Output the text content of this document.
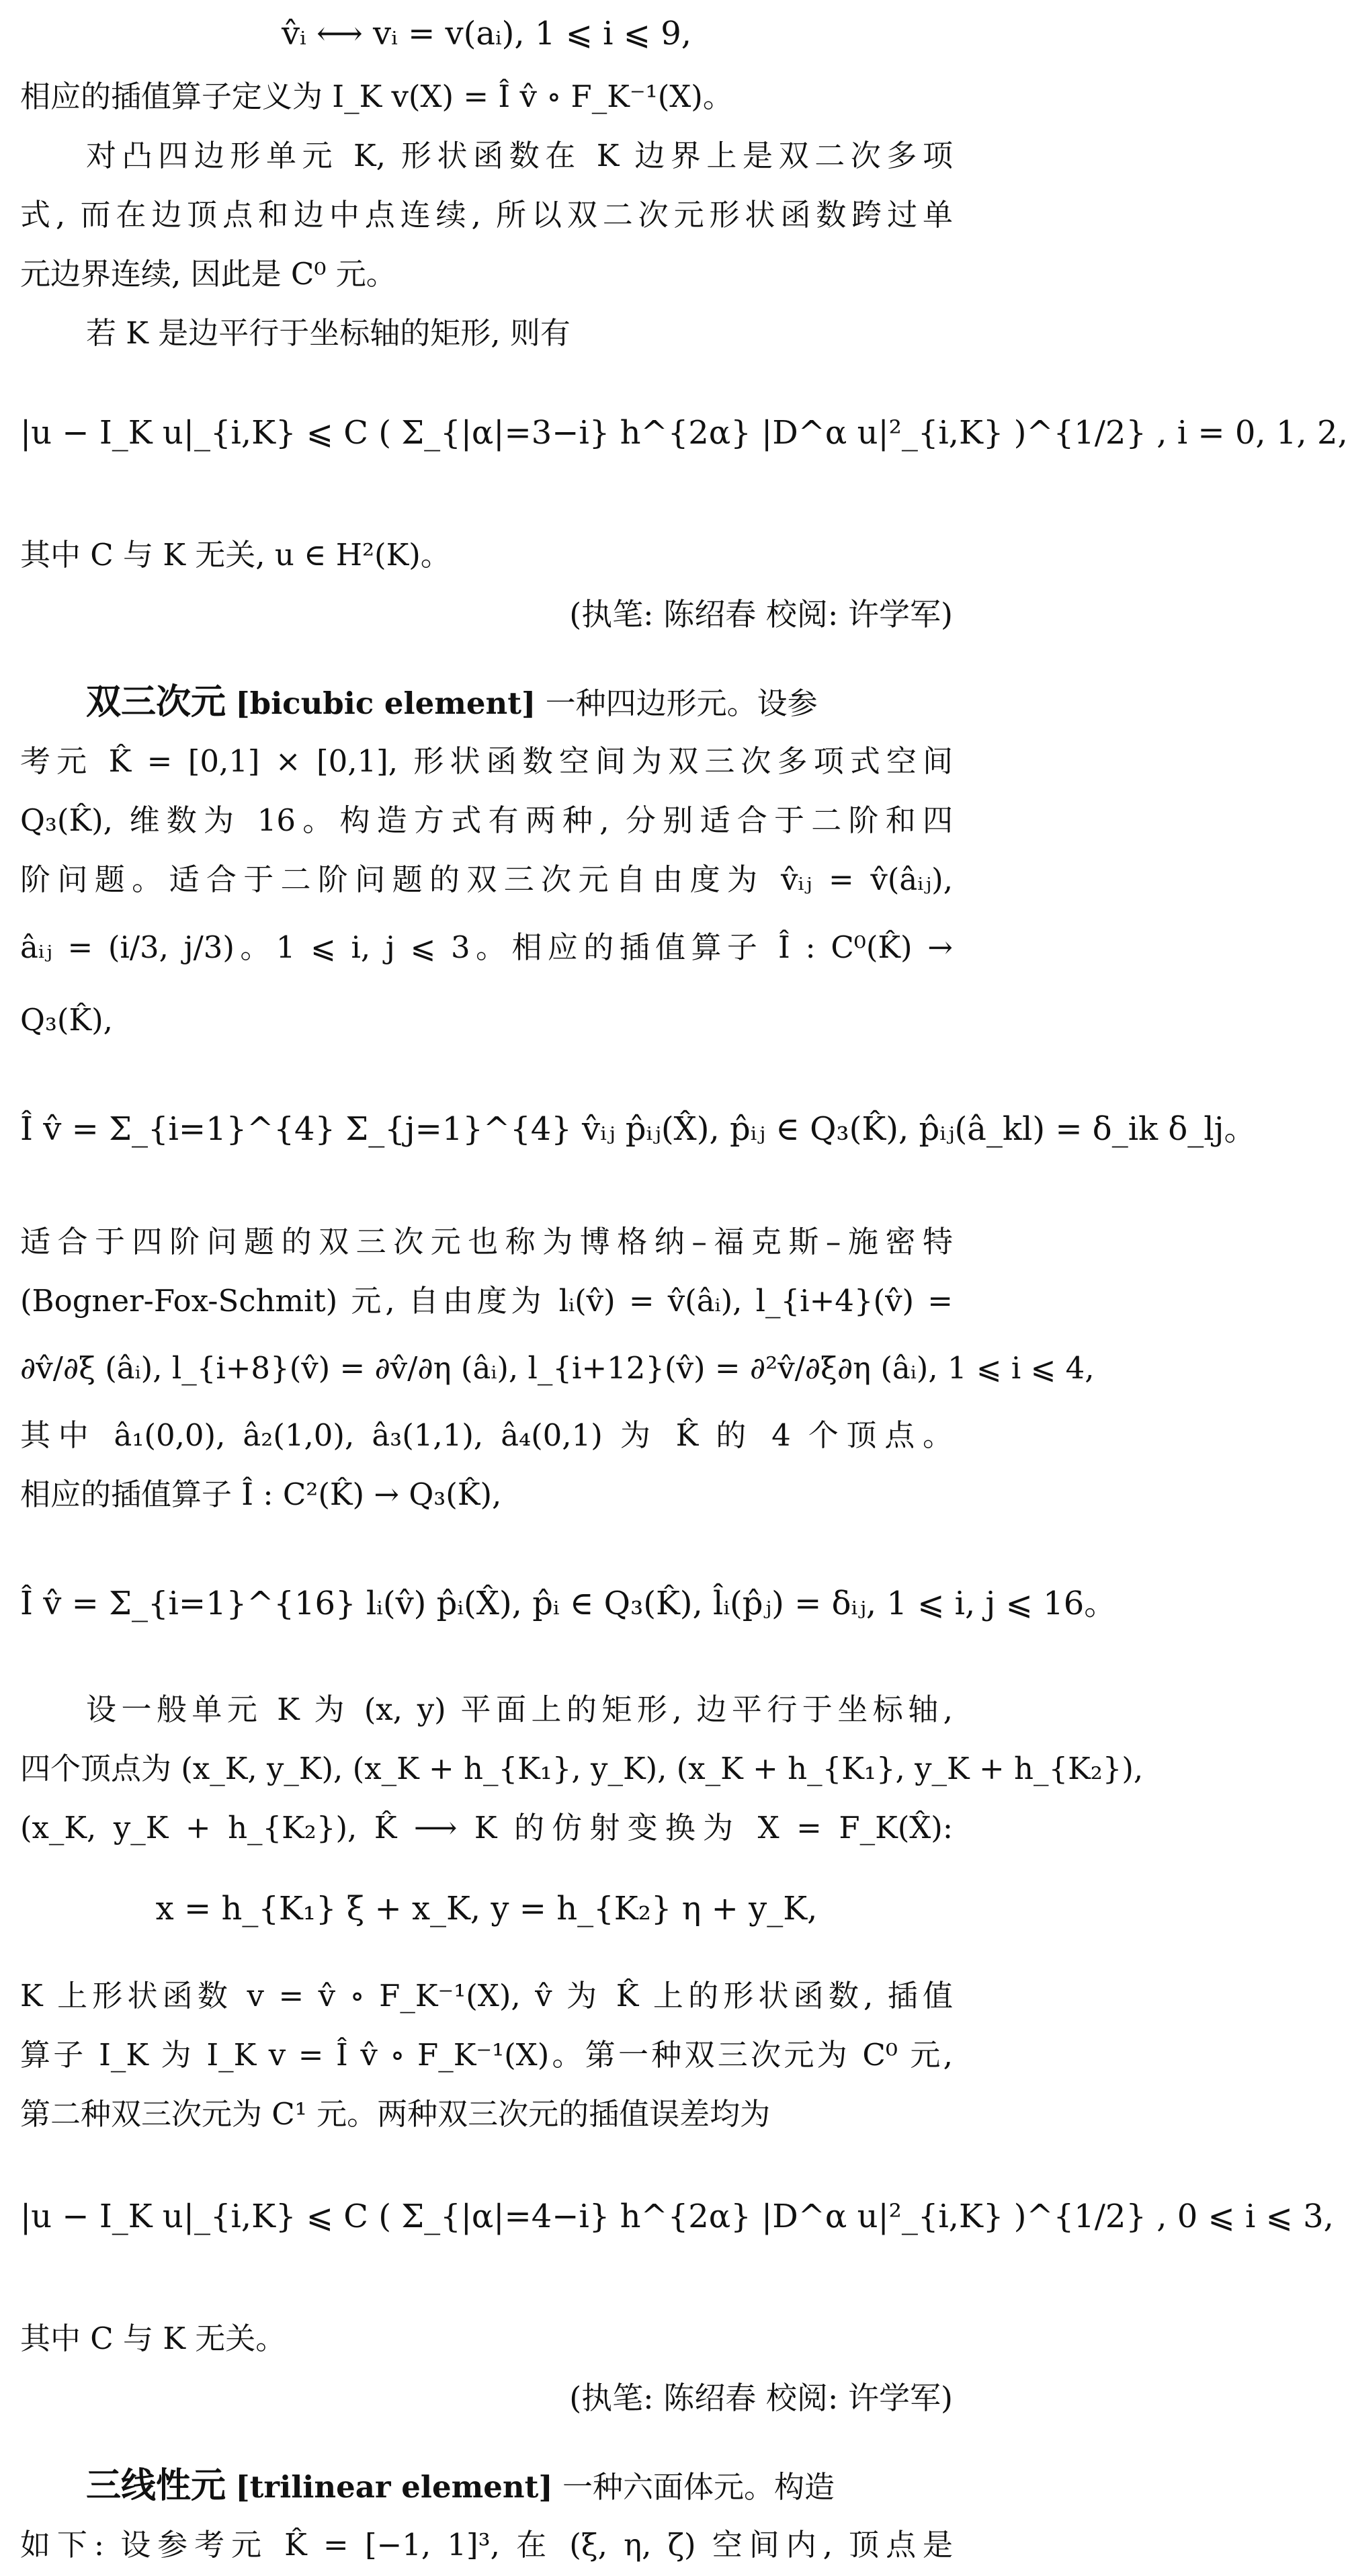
v̂ᵢ ⟷ vᵢ = v(aᵢ), 1 ⩽ i ⩽ 9,
相应的插值算子定义为 I_K v(X) = Î v̂ ∘ F_K⁻¹(X)。
对凸四边形单元 K, 形状函数在 K 边界上是双二次多项
式, 而在边顶点和边中点连续, 所以双二次元形状函数跨过单
元边界连续, 因此是 C⁰ 元。
若 K 是边平行于坐标轴的矩形, 则有
|u − I_K u|_{i,K} ⩽ C ( Σ_{|α|=3−i} h^{2α} |D^α u|²_{i,K} )^{1/2} , i = 0, 1, 2,
其中 C 与 K 无关, u ∈ H²(K)。
(执笔: 陈绍春 校阅: 许学军)
双三次元 [bicubic element] 一种四边形元。设参
考元 K̂ = [0,1] × [0,1], 形状函数空间为双三次多项式空间
Q₃(K̂), 维数为 16。构造方式有两种, 分别适合于二阶和四
阶问题。适合于二阶问题的双三次元自由度为 v̂ᵢⱼ = v̂(âᵢⱼ),
âᵢⱼ = (i/3, j/3)。1 ⩽ i, j ⩽ 3。相应的插值算子 Î : C⁰(K̂) →
Q₃(K̂),
Î v̂ = Σ_{i=1}^{4} Σ_{j=1}^{4} v̂ᵢⱼ p̂ᵢⱼ(X̂), p̂ᵢⱼ ∈ Q₃(K̂), p̂ᵢⱼ(â_kl) = δ_ik δ_lj。
适合于四阶问题的双三次元也称为博格纳–福克斯–施密特
(Bogner-Fox-Schmit) 元, 自由度为 lᵢ(v̂) = v̂(âᵢ), l_{i+4}(v̂) =
∂v̂/∂ξ (âᵢ), l_{i+8}(v̂) = ∂v̂/∂η (âᵢ), l_{i+12}(v̂) = ∂²v̂/∂ξ∂η (âᵢ), 1 ⩽ i ⩽ 4,
其中 â₁(0,0), â₂(1,0), â₃(1,1), â₄(0,1) 为 K̂ 的 4 个顶点。
相应的插值算子 Î : C²(K̂) → Q₃(K̂),
Î v̂ = Σ_{i=1}^{16} lᵢ(v̂) p̂ᵢ(X̂), p̂ᵢ ∈ Q₃(K̂), l̂ᵢ(p̂ⱼ) = δᵢⱼ, 1 ⩽ i, j ⩽ 16。
设一般单元 K 为 (x, y) 平面上的矩形, 边平行于坐标轴,
四个顶点为 (x_K, y_K), (x_K + h_{K₁}, y_K), (x_K + h_{K₁}, y_K + h_{K₂}),
(x_K, y_K + h_{K₂}), K̂ ⟶ K 的仿射变换为 X = F_K(X̂):
x = h_{K₁} ξ + x_K, y = h_{K₂} η + y_K,
K 上形状函数 v = v̂ ∘ F_K⁻¹(X), v̂ 为 K̂ 上的形状函数, 插值
算子 I_K 为 I_K v = Î v̂ ∘ F_K⁻¹(X)。第一种双三次元为 C⁰ 元,
第二种双三次元为 C¹ 元。两种双三次元的插值误差均为
|u − I_K u|_{i,K} ⩽ C ( Σ_{|α|=4−i} h^{2α} |D^α u|²_{i,K} )^{1/2} , 0 ⩽ i ⩽ 3,
其中 C 与 K 无关。
(执笔: 陈绍春 校阅: 许学军)
三线性元 [trilinear element] 一种六面体元。构造
如下: 设参考元 K̂ = [−1, 1]³, 在 (ξ, η, ζ) 空间内, 顶点是
